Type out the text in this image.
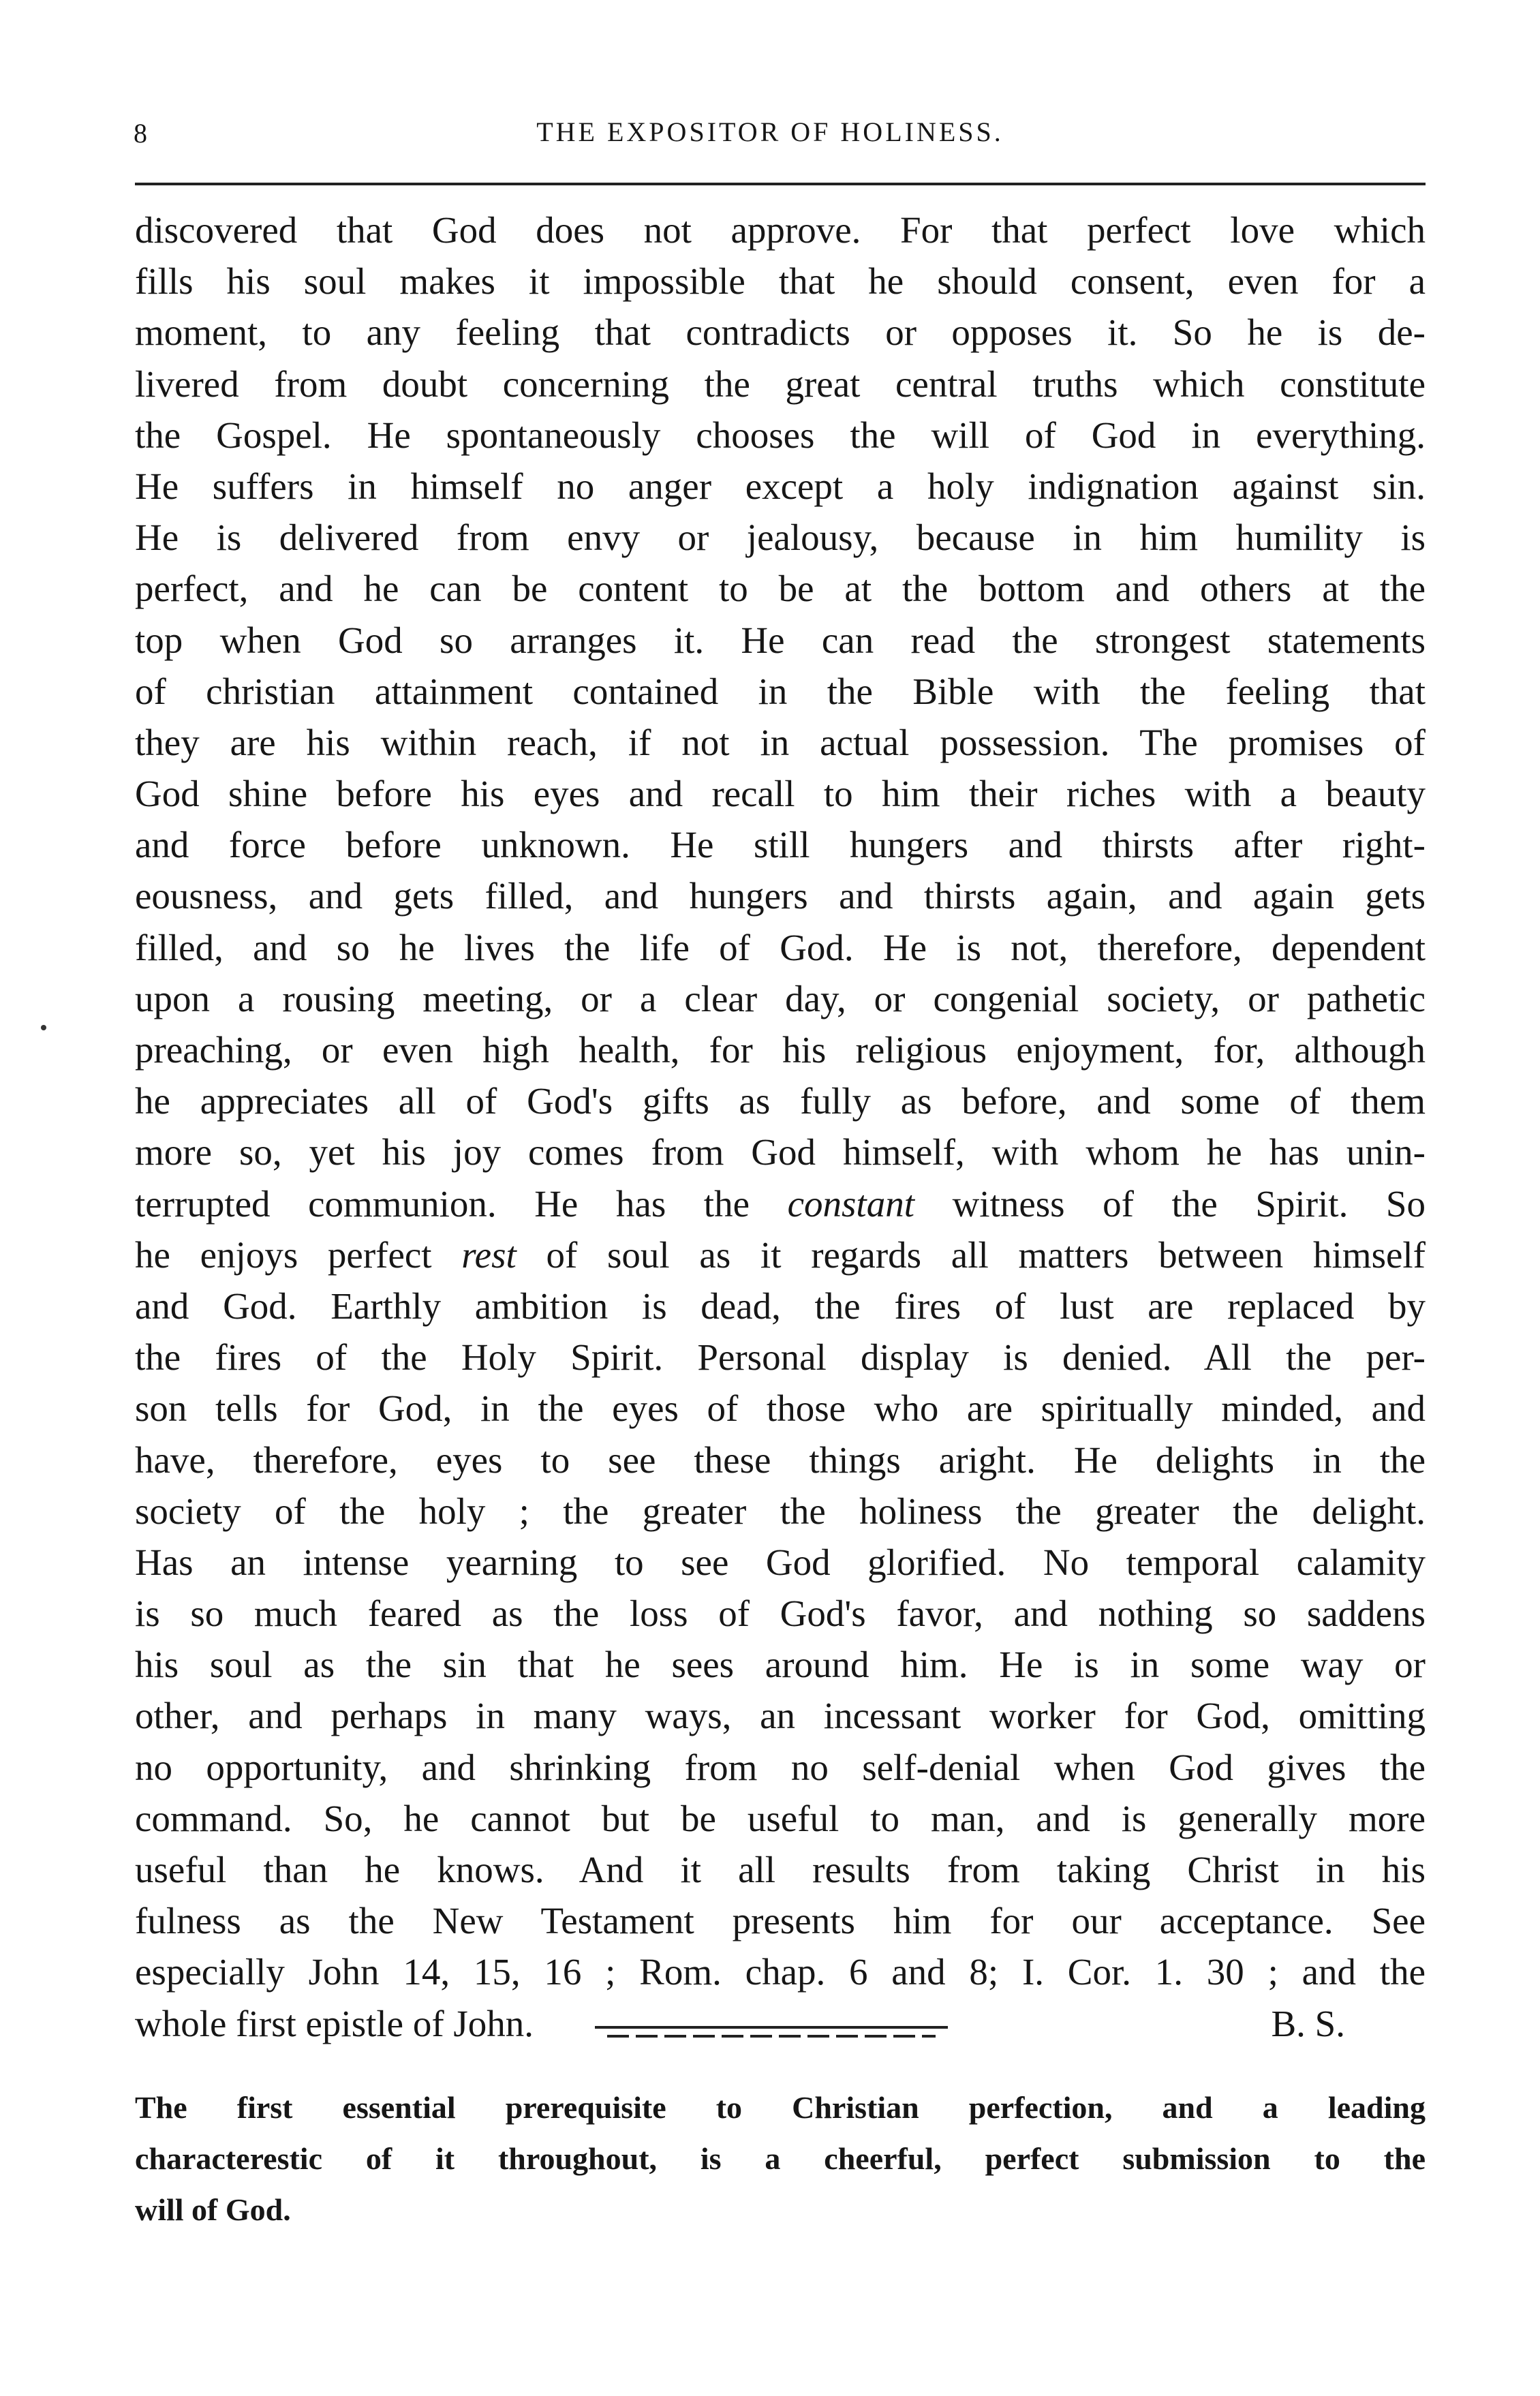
8	THE EXPOSITOR OF HOLINESS.
discovered that God does not approve. For that perfect love which
fills his soul makes it impossible that he should consent, even for a
moment, to any feeling that contradicts or opposes it. So he is de-
livered from doubt concerning the great central truths which constitute
the Gospel. He spontaneously chooses the will of God in everything.
He suffers in himself no anger except a holy indignation against sin.
He is delivered from envy or jealousy, because in him humility is
perfect, and he can be content to be at the bottom and others at the
top when God so arranges it. He can read the strongest statements
of christian attainment contained in the Bible with the feeling that
they are his within reach, if not in actual possession. The promises of
God shine before his eyes and recall to him their riches with a beauty
and force before unknown. He still hungers and thirsts after right-
eousness, and gets filled, and hungers and thirsts again, and again gets
filled, and so he lives the life of God. He is not, therefore, dependent
upon a rousing meeting, or a clear day, or congenial society, or pathetic
preaching, or even high health, for his religious enjoyment, for, although
he appreciates all of God's gifts as fully as before, and some of them
more so, yet his joy comes from God himself, with whom he has unin-
terrupted communion. He has the constant witness of the Spirit. So
he enjoys perfect rest of soul as it regards all matters between himself
and God. Earthly ambition is dead, the fires of lust are replaced by
the fires of the Holy Spirit. Personal display is denied. All the per-
son tells for God, in the eyes of those who are spiritually minded, and
have, therefore, eyes to see these things aright. He delights in the
society of the holy ; the greater the holiness the greater the delight.
Has an intense yearning to see God glorified. No temporal calamity
is so much feared as the loss of God's favor, and nothing so saddens
his soul as the sin that he sees around him. He is in some way or
other, and perhaps in many ways, an incessant worker for God, omitting
no opportunity, and shrinking from no self-denial when God gives the
command. So, he cannot but be useful to man, and is generally more
useful than he knows. And it all results from taking Christ in his
fulness as the New Testament presents him for our acceptance. See
especially John 14, 15, 16 ; Rom. chap. 6 and 8; I. Cor. 1. 30 ; and the
whole first epistle of John.	B. S.
The first essential prerequisite to Christian perfection, and a leading
characterestic of it throughout, is a cheerful, perfect submission to the
will of God.
